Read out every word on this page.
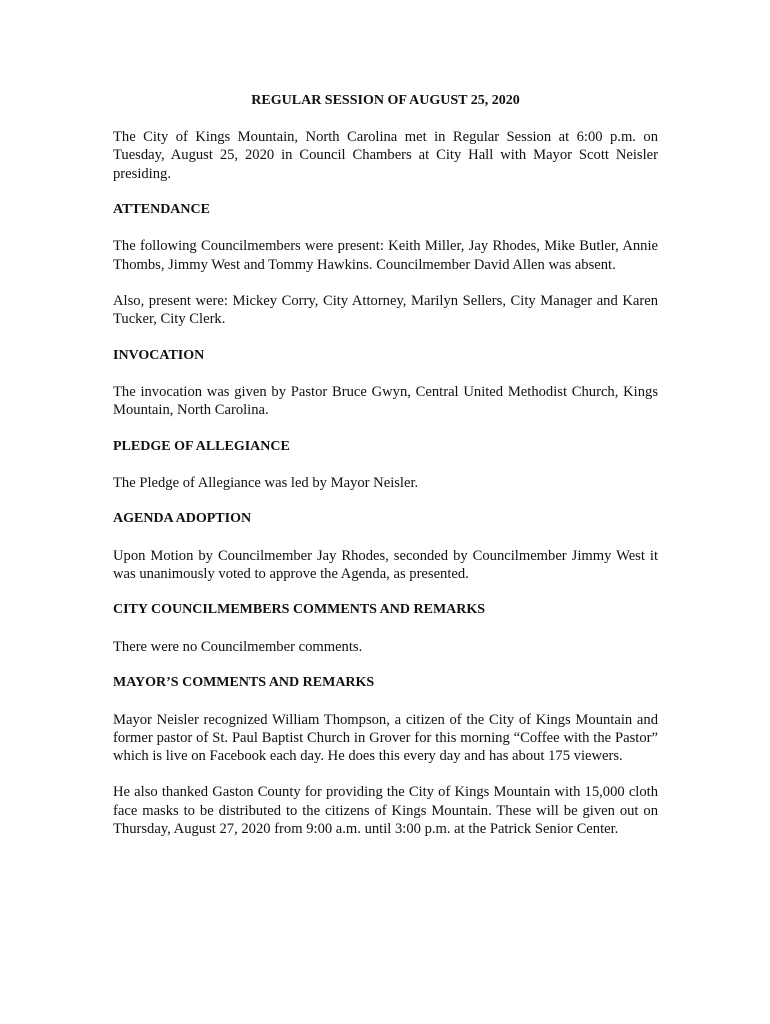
REGULAR SESSION OF AUGUST 25, 2020

The City of Kings Mountain, North Carolina met in Regular Session at 6:00 p.m. on Tuesday, August 25, 2020 in Council Chambers at City Hall with Mayor Scott Neisler presiding.

ATTENDANCE

The following Councilmembers were present: Keith Miller, Jay Rhodes, Mike Butler, Annie Thombs, Jimmy West and Tommy Hawkins. Councilmember David Allen was absent.

Also, present were: Mickey Corry, City Attorney, Marilyn Sellers, City Manager and Karen Tucker, City Clerk.

INVOCATION

The invocation was given by Pastor Bruce Gwyn, Central United Methodist Church, Kings Mountain, North Carolina.

PLEDGE OF ALLEGIANCE

The Pledge of Allegiance was led by Mayor Neisler.

AGENDA ADOPTION

Upon Motion by Councilmember Jay Rhodes, seconded by Councilmember Jimmy West it was unanimously voted to approve the Agenda, as presented.

CITY COUNCILMEMBERS COMMENTS AND REMARKS

There were no Councilmember comments.

MAYOR’S COMMENTS AND REMARKS

Mayor Neisler recognized William Thompson, a citizen of the City of Kings Mountain and former pastor of St. Paul Baptist Church in Grover for this morning “Coffee with the Pastor” which is live on Facebook each day. He does this every day and has about 175 viewers.

He also thanked Gaston County for providing the City of Kings Mountain with 15,000 cloth face masks to be distributed to the citizens of Kings Mountain. These will be given out on Thursday, August 27, 2020 from 9:00 a.m. until 3:00 p.m. at the Patrick Senior Center.
